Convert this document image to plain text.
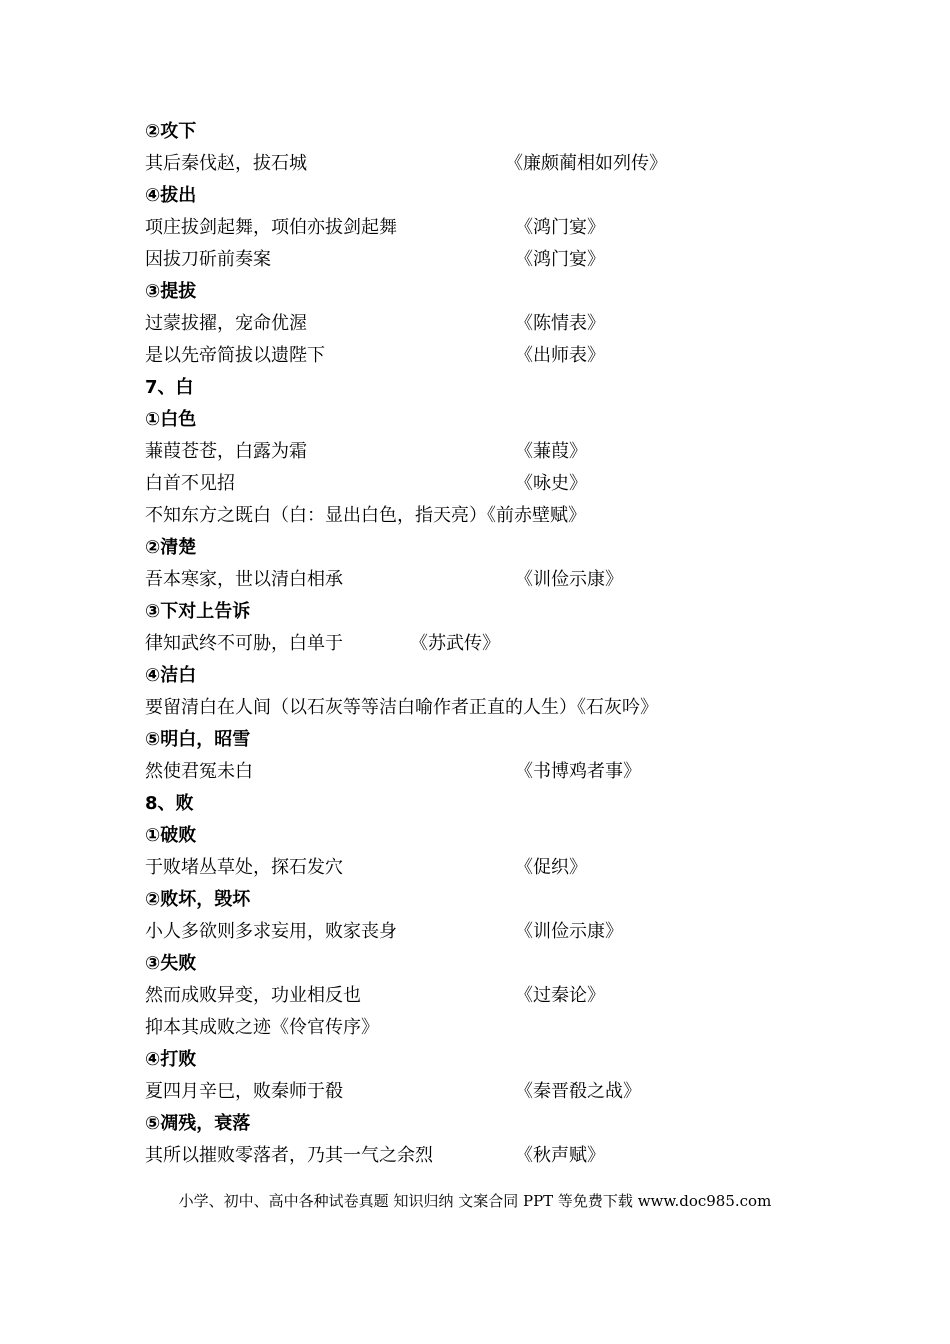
②攻下
其后秦伐赵，拔石城	《廉颇蔺相如列传》
④拔出
项庄拔剑起舞，项伯亦拔剑起舞	《鸿门宴》
因拔刀斫前奏案	《鸿门宴》
③提拔
过蒙拔擢，宠命优渥	《陈情表》
是以先帝简拔以遗陛下	《出师表》
7、白
①白色
蒹葭苍苍，白露为霜	《蒹葭》
白首不见招	《咏史》
不知东方之既白（白：显出白色，指天亮）《前赤壁赋》
②清楚
吾本寒家，世以清白相承	《训俭示康》
③下对上告诉
律知武终不可胁，白单于	《苏武传》
④洁白
要留清白在人间（以石灰等等洁白喻作者正直的人生）《石灰吟》
⑤明白，昭雪
然使君冤未白	《书博鸡者事》
8、败
①破败
于败堵丛草处，探石发穴	《促织》
②败坏，毁坏
小人多欲则多求妄用，败家丧身	《训俭示康》
③失败
然而成败异变，功业相反也	《过秦论》
抑本其成败之迹《伶官传序》
④打败
夏四月辛巳，败秦师于殽	《秦晋殽之战》
⑤凋残，衰落
其所以摧败零落者，乃其一气之余烈	《秋声赋》
小学、初中、高中各种试卷真题 知识归纳 文案合同 PPT 等免费下载 www.doc985.com
